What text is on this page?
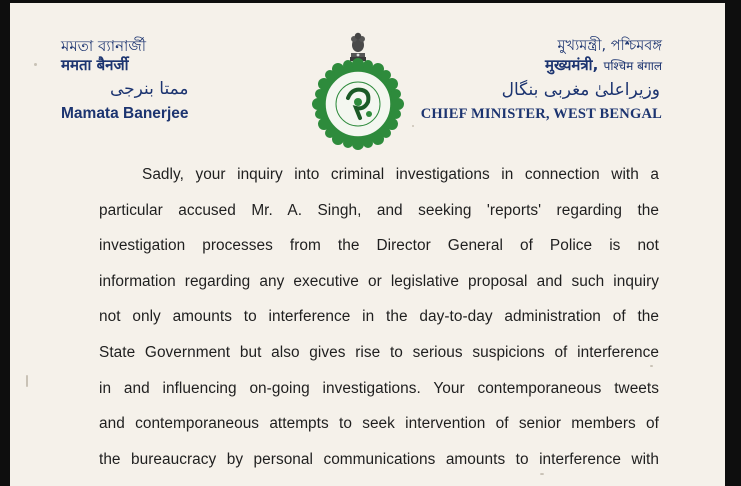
মমতা ব্যানার্জী
ममता बैनर्जी
ممتا بنرجی
Mamata Banerjee
মুখ্যমন্ত্রী, পশ্চিমবঙ্গ
मुख्यमंत्री, पश्चिम बंगाल
وزیراعلیٰ مغربی بنگال
CHIEF MINISTER, WEST BENGAL
Sadly, your inquiry into criminal investigations in connection with a
particular accused Mr. A. Singh, and seeking 'reports' regarding the
investigation processes from the Director General of Police is not
information regarding any executive or legislative proposal and such inquiry
not only amounts to interference in the day-to-day administration of the
State Government but also gives rise to serious suspicions of interference
in and influencing on-going investigations. Your contemporaneous tweets
and contemporaneous attempts to seek intervention of senior members of
the bureaucracy by personal communications amounts to interference with
